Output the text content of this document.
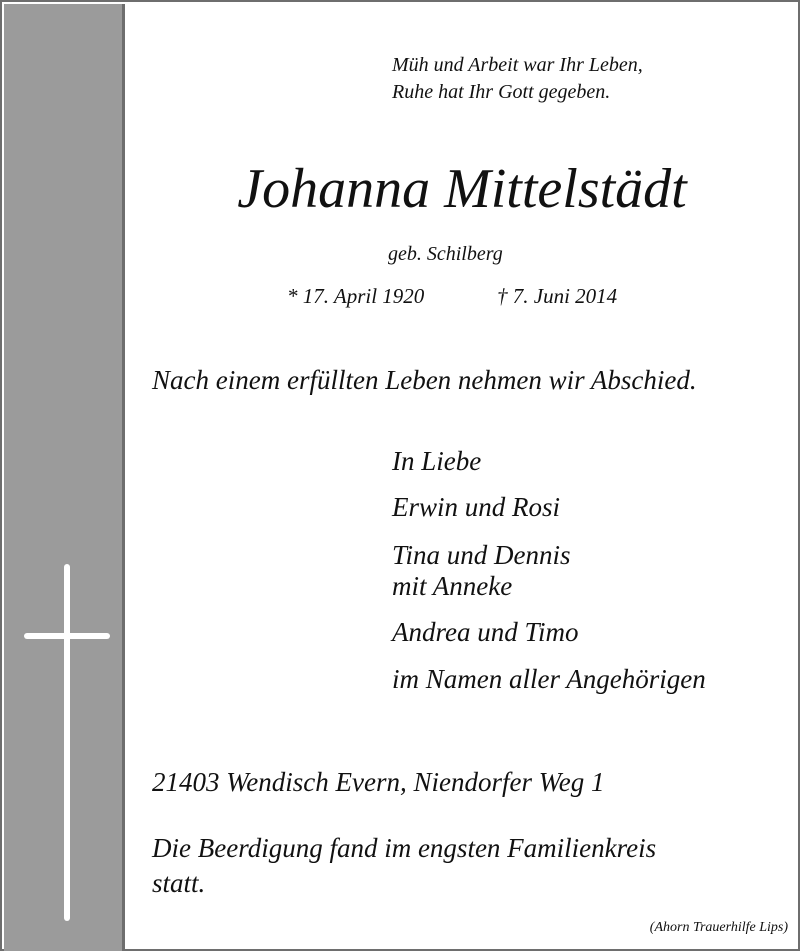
Müh und Arbeit war Ihr Leben,
Ruhe hat Ihr Gott gegeben.
Johanna Mittelstädt
geb. Schilberg
* 17. April 1920	† 7. Juni 2014
Nach einem erfüllten Leben nehmen wir Abschied.
In Liebe
Erwin und Rosi
Tina und Dennis
mit Anneke
Andrea und Timo
im Namen aller Angehörigen
21403 Wendisch Evern, Niendorfer Weg 1
Die Beerdigung fand im engsten Familienkreis
statt.
(Ahorn Trauerhilfe Lips)
